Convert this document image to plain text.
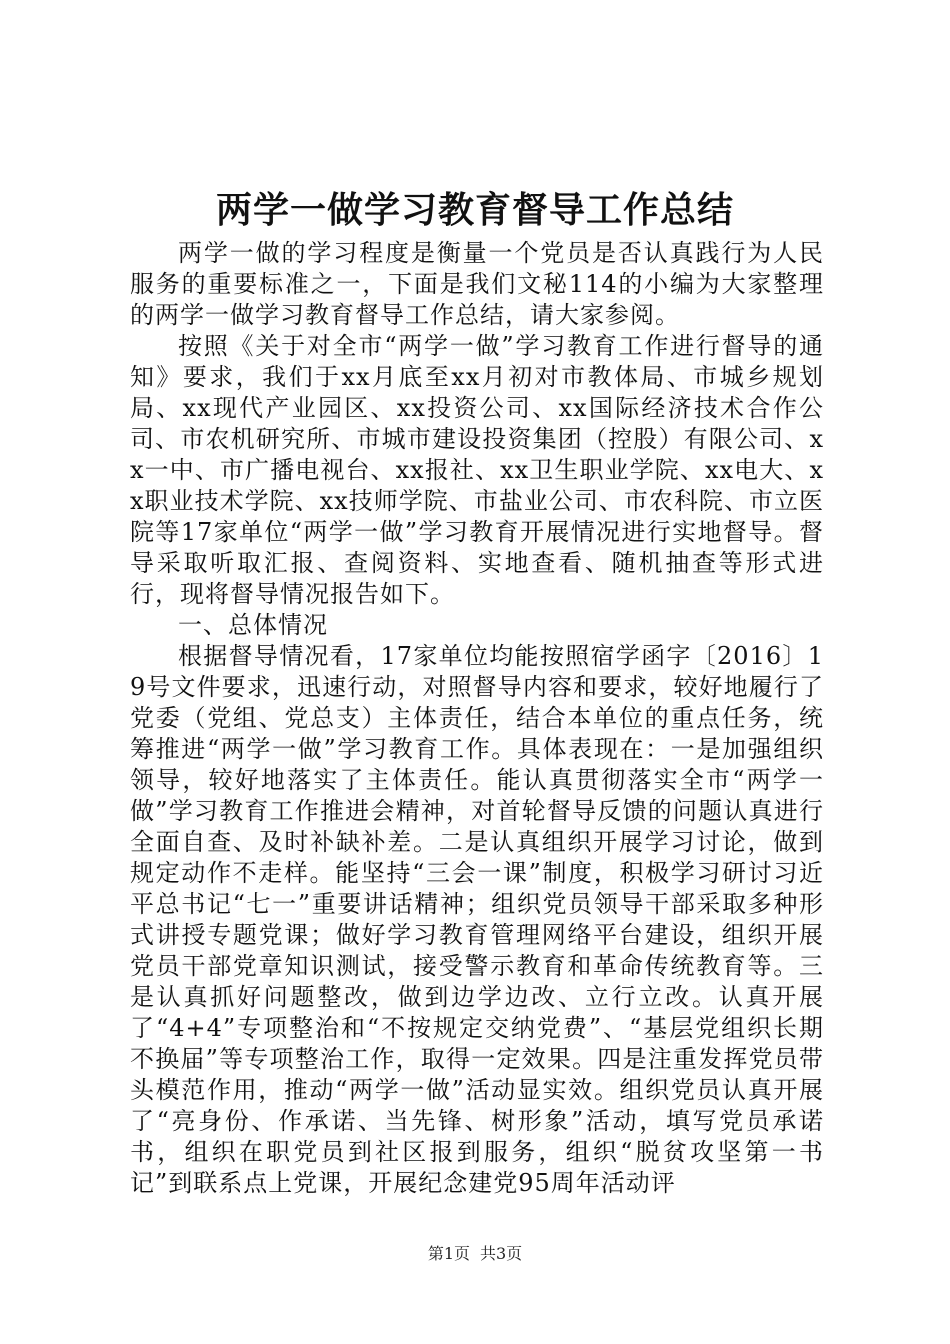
两学一做学习教育督导工作总结

两学一做的学习程度是衡量一个党员是否认真践行为人民服务的重要标准之一，下面是我们文秘114的小编为大家整理的两学一做学习教育督导工作总结，请大家参阅。

按照《关于对全市“两学一做”学习教育工作进行督导的通知》要求，我们于xx月底至xx月初对市教体局、市城乡规划局、xx现代产业园区、xx投资公司、xx国际经济技术合作公司、市农机研究所、市城市建设投资集团（控股）有限公司、xx一中、市广播电视台、xx报社、xx卫生职业学院、xx电大、xx职业技术学院、xx技师学院、市盐业公司、市农科院、市立医院等17家单位“两学一做”学习教育开展情况进行实地督导。督导采取听取汇报、查阅资料、实地查看、随机抽查等形式进行，现将督导情况报告如下。

一、总体情况

根据督导情况看，17家单位均能按照宿学函字〔2016〕19号文件要求，迅速行动，对照督导内容和要求，较好地履行了党委（党组、党总支）主体责任，结合本单位的重点任务，统筹推进“两学一做”学习教育工作。具体表现在：一是加强组织领导，较好地落实了主体责任。能认真贯彻落实全市“两学一做”学习教育工作推进会精神，对首轮督导反馈的问题认真进行全面自查、及时补缺补差。二是认真组织开展学习讨论，做到规定动作不走样。能坚持“三会一课”制度，积极学习研讨习近平总书记“七一”重要讲话精神；组织党员领导干部采取多种形式讲授专题党课；做好学习教育管理网络平台建设，组织开展党员干部党章知识测试，接受警示教育和革命传统教育等。三是认真抓好问题整改，做到边学边改、立行立改。认真开展了“4+4”专项整治和“不按规定交纳党费”、“基层党组织长期不换届”等专项整治工作，取得一定效果。四是注重发挥党员带头模范作用，推动“两学一做”活动显实效。组织党员认真开展了“亮身份、作承诺、当先锋、树形象”活动，填写党员承诺书，组织在职党员到社区报到服务，组织“脱贫攻坚第一书记”到联系点上党课，开展纪念建党95周年活动评

第1页 共3页
